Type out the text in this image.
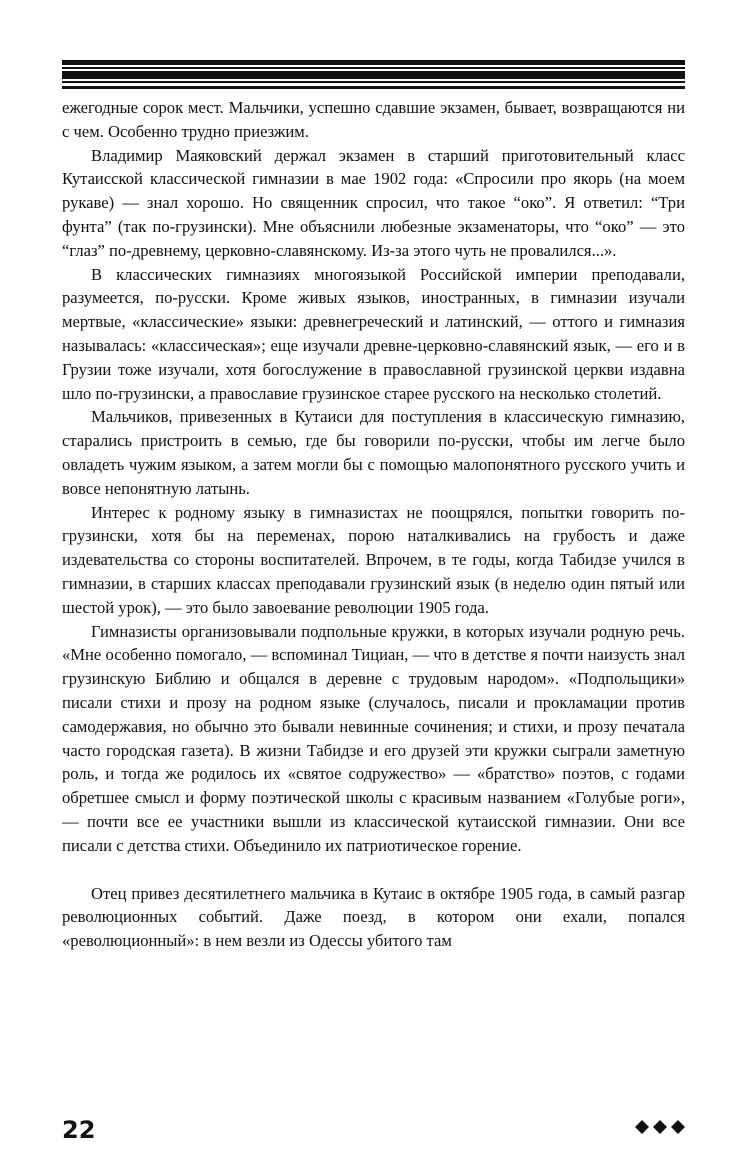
ежегодные сорок мест. Мальчики, успешно сдавшие экзамен, бывает, возвращаются ни с чем. Особенно трудно приезжим.

Владимир Маяковский держал экзамен в старший приготовительный класс Кутаисской классической гимназии в мае 1902 года: «Спросили про якорь (на моем рукаве) — знал хорошо. Но священник спросил, что такое “око”. Я ответил: “Три фунта” (так по-грузински). Мне объяснили любезные экзаменаторы, что “око” — это “глаз” по-древнему, церковно-славянскому. Из-за этого чуть не провалился...».

В классических гимназиях многоязыкой Российской империи преподавали, разумеется, по-русски. Кроме живых языков, иностранных, в гимназии изучали мертвые, «классические» языки: древнегреческий и латинский, — оттого и гимназия называлась: «классическая»; еще изучали древне-церковно-славянский язык, — его и в Грузии тоже изучали, хотя богослужение в православной грузинской церкви издавна шло по-грузински, а православие грузинское старее русского на несколько столетий.

Мальчиков, привезенных в Кутаиси для поступления в классическую гимназию, старались пристроить в семью, где бы говорили по-русски, чтобы им легче было овладеть чужим языком, а затем могли бы с помощью малопонятного русского учить и вовсе непонятную латынь.

Интерес к родному языку в гимназистах не поощрялся, попытки говорить по-грузински, хотя бы на переменах, порою наталкивались на грубость и даже издевательства со стороны воспитателей. Впрочем, в те годы, когда Табидзе учился в гимназии, в старших классах преподавали грузинский язык (в неделю один пятый или шестой урок), — это было завоевание революции 1905 года.

Гимназисты организовывали подпольные кружки, в которых изучали родную речь. «Мне особенно помогало, — вспоминал Тициан, — что в детстве я почти наизусть знал грузинскую Библию и общался в деревне с трудовым народом». «Подпольщики» писали стихи и прозу на родном языке (случалось, писали и прокламации против самодержавия, но обычно это бывали невинные сочинения; и стихи, и прозу печатала часто городская газета). В жизни Табидзе и его друзей эти кружки сыграли заметную роль, и тогда же родилось их «святое содружество» — «братство» поэтов, с годами обретшее смысл и форму поэтической школы с красивым названием «Голубые роги», — почти все ее участники вышли из классической кутаисской гимназии. Они все писали с детства стихи. Объединило их патриотическое горение.

Отец привез десятилетнего мальчика в Кутаис в октябре 1905 года, в самый разгар революционных событий. Даже поезд, в котором они ехали, попался «революционный»: в нем везли из Одессы убитого там

22
